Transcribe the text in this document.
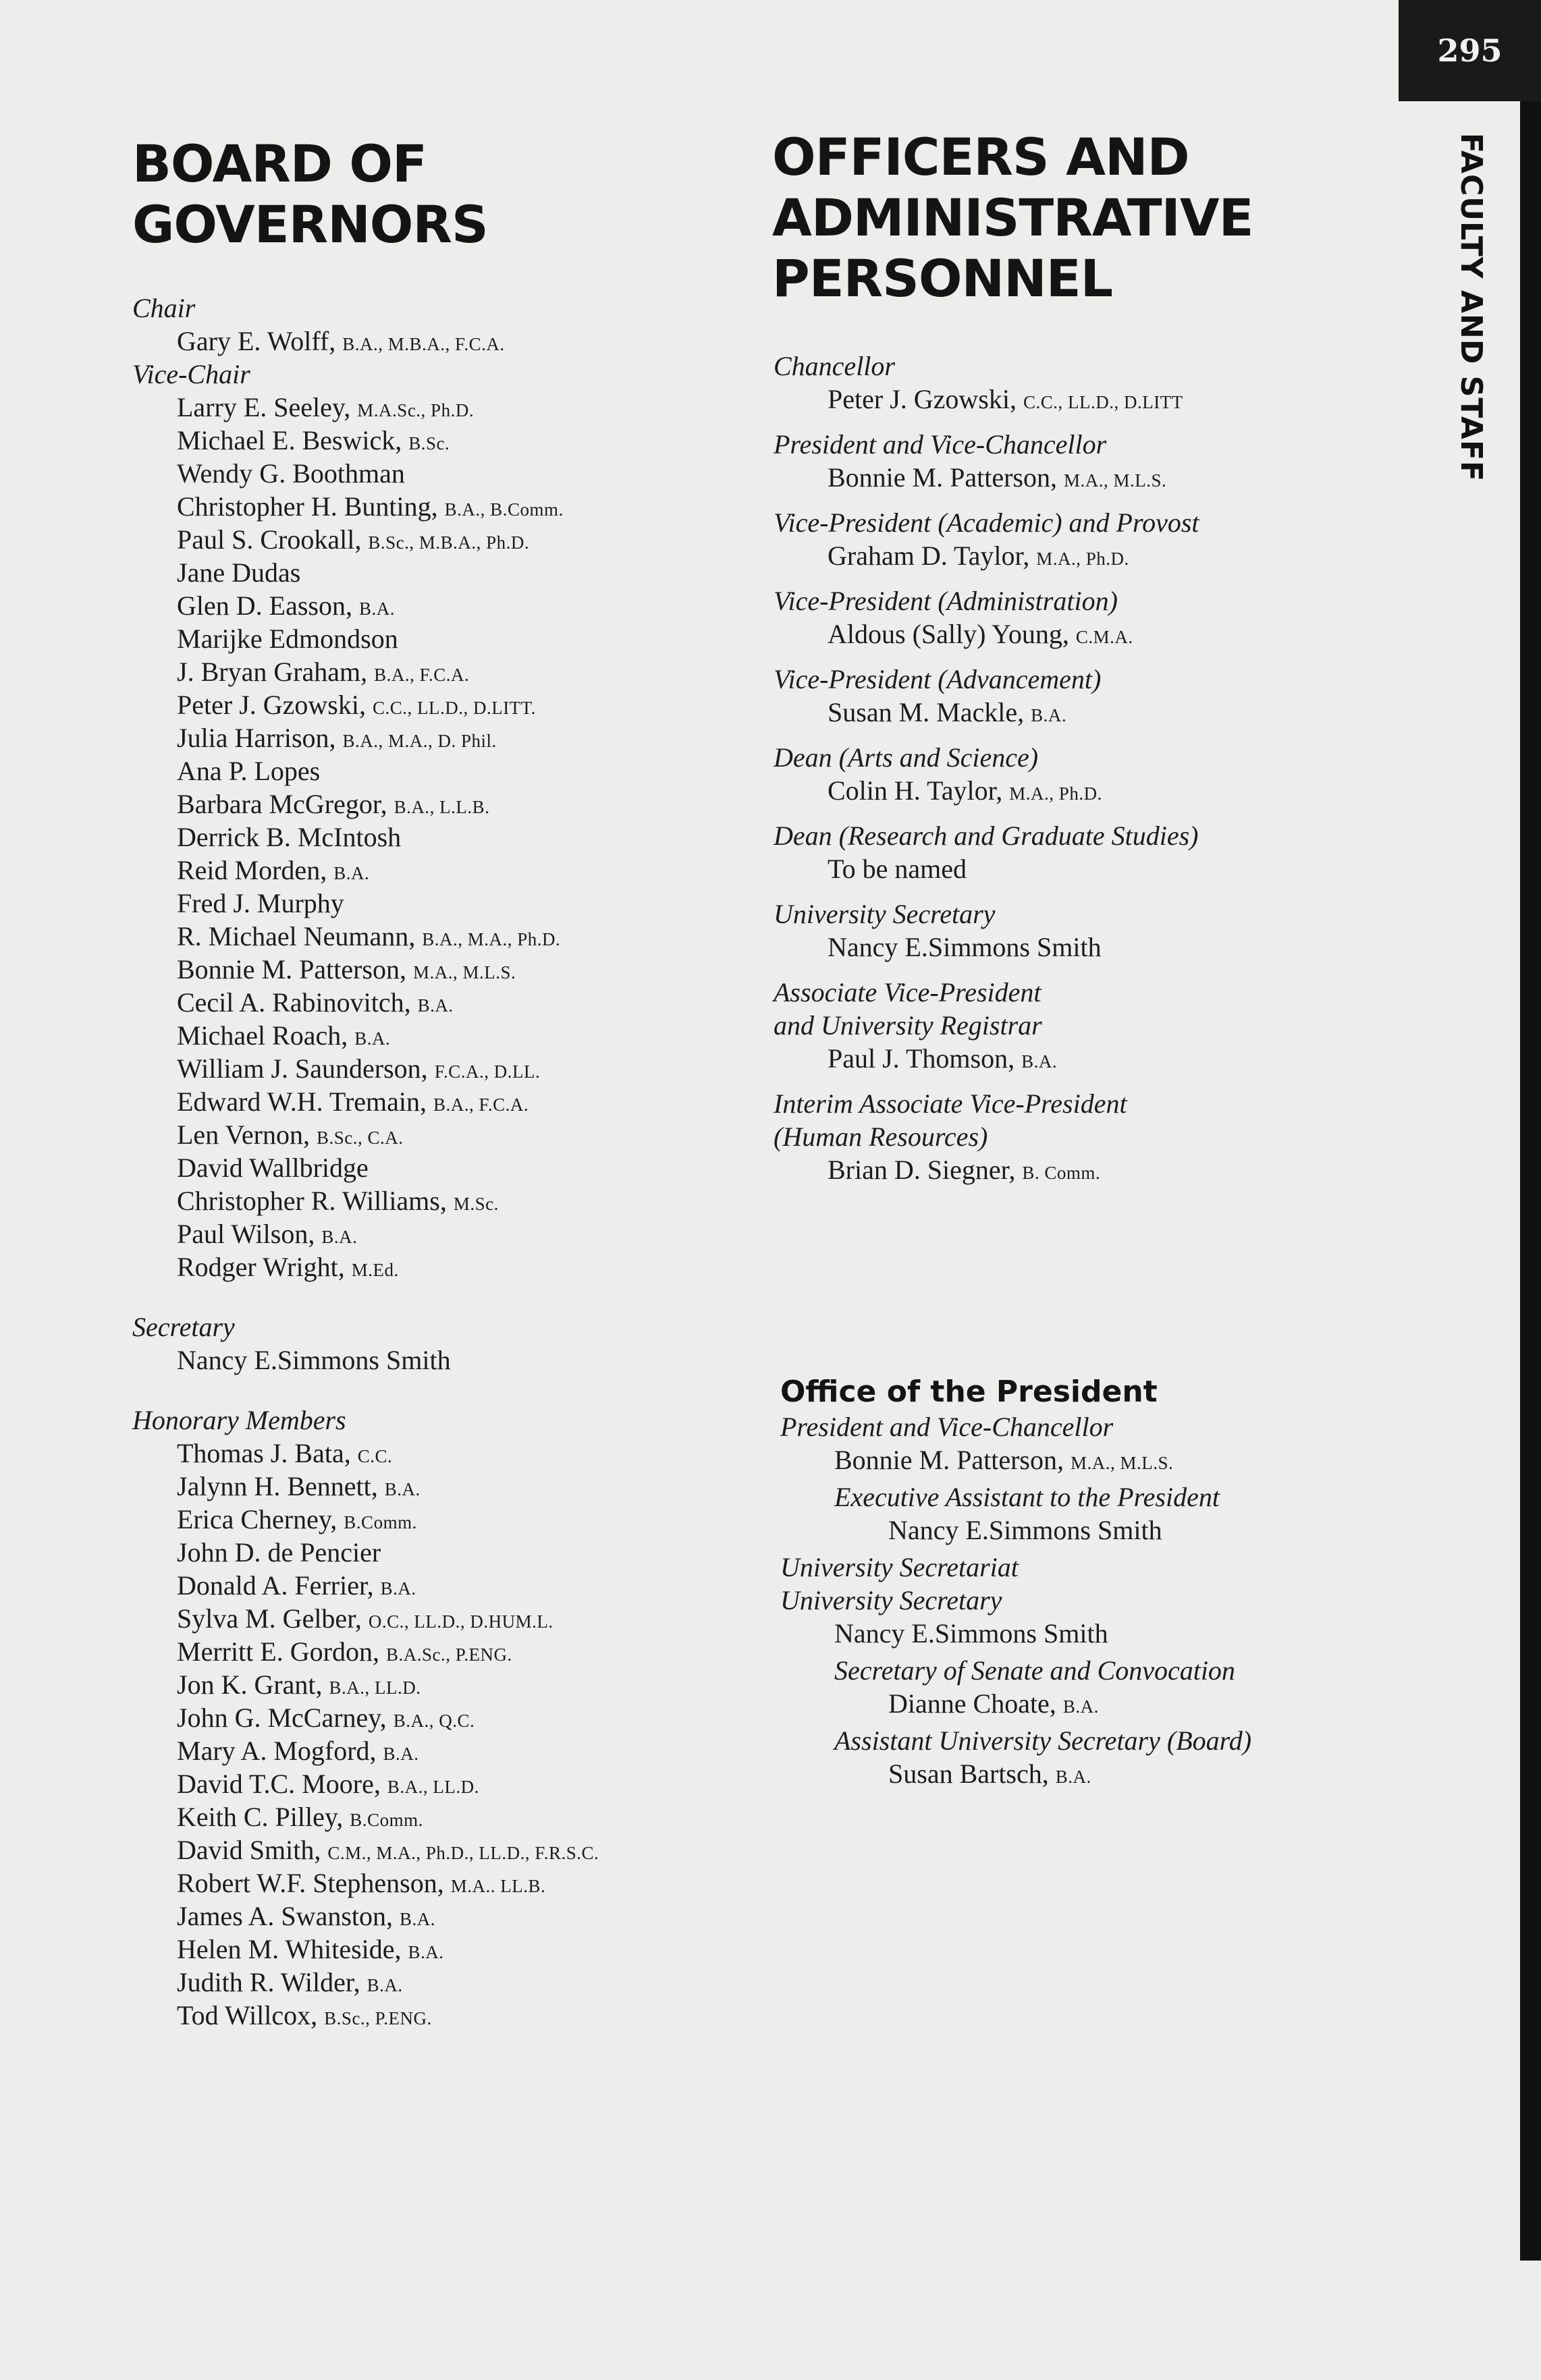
295
FACULTY AND STAFF
BOARD OF
GOVERNORS
OFFICERS AND
ADMINISTRATIVE
PERSONNEL
Chair
Gary E. Wolff, B.A., M.B.A., F.C.A.
Vice-Chair
Larry E. Seeley, M.A.Sc., Ph.D.
Michael E. Beswick, B.Sc.
Wendy G. Boothman
Christopher H. Bunting, B.A., B.Comm.
Paul S. Crookall, B.Sc., M.B.A., Ph.D.
Jane Dudas
Glen D. Easson, B.A.
Marijke Edmondson
J. Bryan Graham, B.A., F.C.A.
Peter J. Gzowski, C.C., LL.D., D.LITT.
Julia Harrison, B.A., M.A., D. Phil.
Ana P. Lopes
Barbara McGregor, B.A., L.L.B.
Derrick B. McIntosh
Reid Morden, B.A.
Fred J. Murphy
R. Michael Neumann, B.A., M.A., Ph.D.
Bonnie M. Patterson, M.A., M.L.S.
Cecil A. Rabinovitch, B.A.
Michael Roach, B.A.
William J. Saunderson, F.C.A., D.LL.
Edward W.H. Tremain, B.A., F.C.A.
Len Vernon, B.Sc., C.A.
David Wallbridge
Christopher R. Williams, M.Sc.
Paul Wilson, B.A.
Rodger Wright, M.Ed.
Secretary
Nancy E.Simmons Smith
Honorary Members
Thomas J. Bata, C.C.
Jalynn H. Bennett, B.A.
Erica Cherney, B.Comm.
John D. de Pencier
Donald A. Ferrier, B.A.
Sylva M. Gelber, O.C., LL.D., D.HUM.L.
Merritt E. Gordon, B.A.Sc., P.ENG.
Jon K. Grant, B.A., LL.D.
John G. McCarney, B.A., Q.C.
Mary A. Mogford, B.A.
David T.C. Moore, B.A., LL.D.
Keith C. Pilley, B.Comm.
David Smith, C.M., M.A., Ph.D., LL.D., F.R.S.C.
Robert W.F. Stephenson, M.A.. LL.B.
James A. Swanston, B.A.
Helen M. Whiteside, B.A.
Judith R. Wilder, B.A.
Tod Willcox, B.Sc., P.ENG.
Chancellor
Peter J. Gzowski, C.C., LL.D., D.LITT
President and Vice-Chancellor
Bonnie M. Patterson, M.A., M.L.S.
Vice-President (Academic) and Provost
Graham D. Taylor, M.A., Ph.D.
Vice-President (Administration)
Aldous (Sally) Young, C.M.A.
Vice-President (Advancement)
Susan M. Mackle, B.A.
Dean (Arts and Science)
Colin H. Taylor, M.A., Ph.D.
Dean (Research and Graduate Studies)
To be named
University Secretary
Nancy E.Simmons Smith
Associate Vice-President
and University Registrar
Paul J. Thomson, B.A.
Interim Associate Vice-President
(Human Resources)
Brian D. Siegner, B. Comm.
Office of the President
President and Vice-Chancellor
Bonnie M. Patterson, M.A., M.L.S.
Executive Assistant to the President
Nancy E.Simmons Smith
University Secretariat
University Secretary
Nancy E.Simmons Smith
Secretary of Senate and Convocation
Dianne Choate, B.A.
Assistant University Secretary (Board)
Susan Bartsch, B.A.
